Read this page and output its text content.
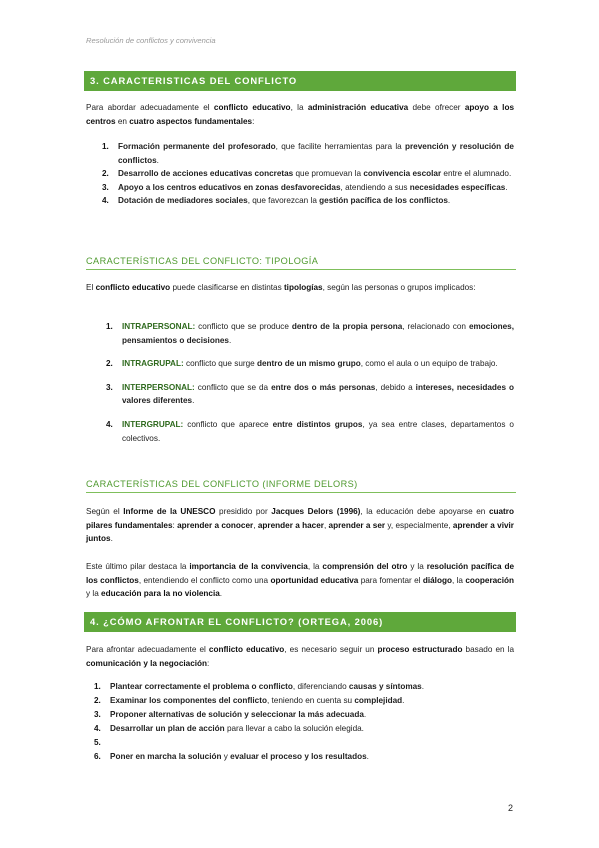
Resolución de conflictos y convivencia
3. CARACTERISTICAS DEL CONFLICTO

Para abordar adecuadamente el conflicto educativo, la administración educativa debe ofrecer apoyo a los centros en cuatro aspectos fundamentales:

1. Formación permanente del profesorado, que facilite herramientas para la prevención y resolución de conflictos.
2. Desarrollo de acciones educativas concretas que promuevan la convivencia escolar entre el alumnado.
3. Apoyo a los centros educativos en zonas desfavorecidas, atendiendo a sus necesidades específicas.
4. Dotación de mediadores sociales, que favorezcan la gestión pacífica de los conflictos.
CARACTERÍSTICAS DEL CONFLICTO: TIPOLOGÍA

El conflicto educativo puede clasificarse en distintas tipologías, según las personas o grupos implicados:

1. INTRAPERSONAL: conflicto que se produce dentro de la propia persona, relacionado con emociones, pensamientos o decisiones.
2. INTRAGRUPAL: conflicto que surge dentro de un mismo grupo, como el aula o un equipo de trabajo.
3. INTERPERSONAL: conflicto que se da entre dos o más personas, debido a intereses, necesidades o valores diferentes.
4. INTERGRUPAL: conflicto que aparece entre distintos grupos, ya sea entre clases, departamentos o colectivos.
CARACTERÍSTICAS DEL CONFLICTO (INFORME DELORS)

Según el Informe de la UNESCO presidido por Jacques Delors (1996), la educación debe apoyarse en cuatro pilares fundamentales: aprender a conocer, aprender a hacer, aprender a ser y, especialmente, aprender a vivir juntos.

Este último pilar destaca la importancia de la convivencia, la comprensión del otro y la resolución pacífica de los conflictos, entendiendo el conflicto como una oportunidad educativa para fomentar el diálogo, la cooperación y la educación para la no violencia.

4. ¿CÓMO AFRONTAR EL CONFLICTO? (ORTEGA, 2006)

Para afrontar adecuadamente el conflicto educativo, es necesario seguir un proceso estructurado basado en la comunicación y la negociación:

1. Plantear correctamente el problema o conflicto, diferenciando causas y síntomas.
2. Examinar los componentes del conflicto, teniendo en cuenta su complejidad.
3. Proponer alternativas de solución y seleccionar la más adecuada.
4. Desarrollar un plan de acción para llevar a cabo la solución elegida.
5.
6. Poner en marcha la solución y evaluar el proceso y los resultados.
2
